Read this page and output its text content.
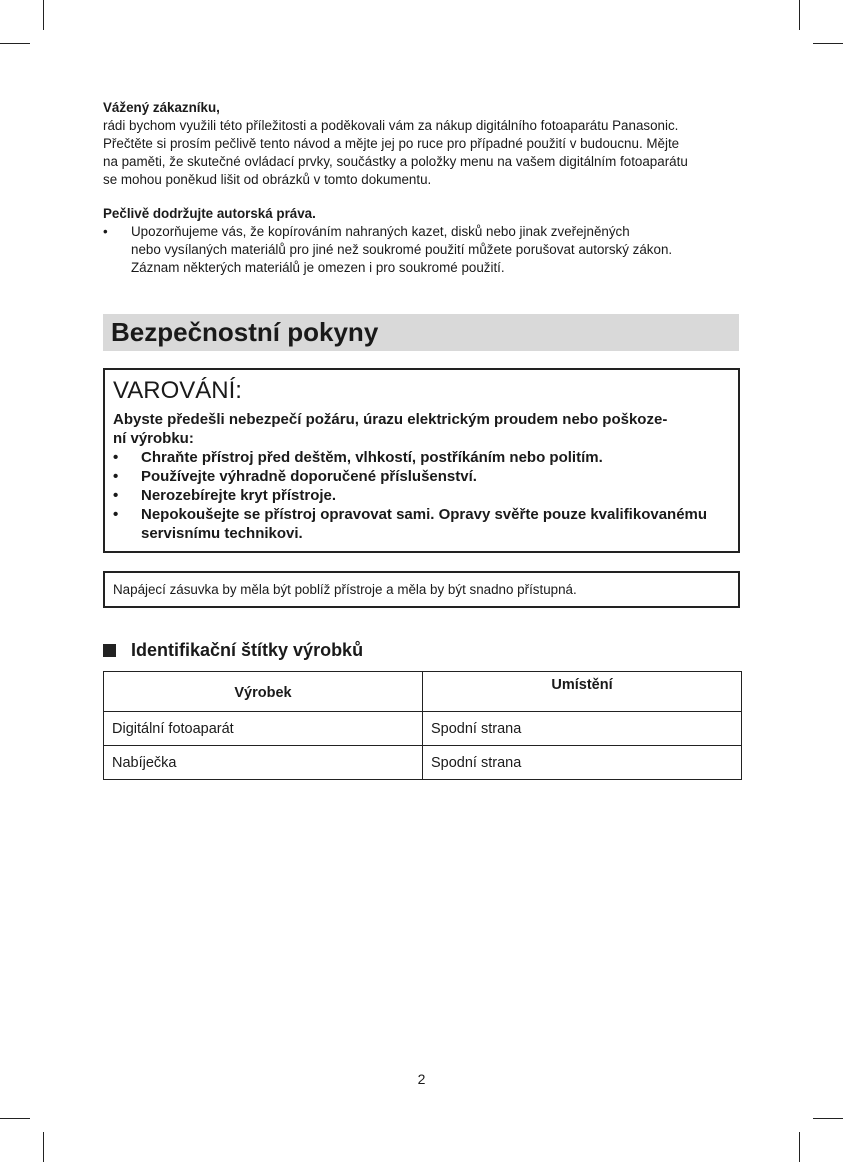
Vážený zákazníku,

rádi bychom využili této příležitosti a poděkovali vám za nákup digitálního fotoaparátu Panasonic.

Přečtěte si prosím pečlivě tento návod a mějte jej po ruce pro případné použití v budoucnu. Mějte

na paměti, že skutečné ovládací prvky, součástky a položky menu na vašem digitálním fotoaparátu

se mohou poněkud lišit od obrázků v tomto dokumentu.

Pečlivě dodržujte autorská práva.

•	Upozorňujeme vás, že kopírováním nahraných kazet, disků nebo jinak zveřejněných
nebo vysílaných materiálů pro jiné než soukromé použití můžete porušovat autorský zákon.
Záznam některých materiálů je omezen i pro soukromé použití.
Bezpečnostní pokyny

VAROVÁNÍ:

Abyste předešli nebezpečí požáru, úrazu elektrickým proudem nebo poškoze-
ní výrobku:

•	Chraňte přístroj před deštěm, vlhkostí, postříkáním nebo politím.
•	Používejte výhradně doporučené příslušenství.
•	Nerozebírejte kryt přístroje.
•	Nepokoušejte se přístroj opravovat sami. Opravy svěřte pouze kvalifikovanému
servisnímu technikovi.
Napájecí zásuvka by měla být poblíž přístroje a měla by být snadno přístupná.
Identifikační štítky výrobků
Výrobek	Umístění
Digitální fotoaparát	Spodní strana
Nabíječka	Spodní strana
2
